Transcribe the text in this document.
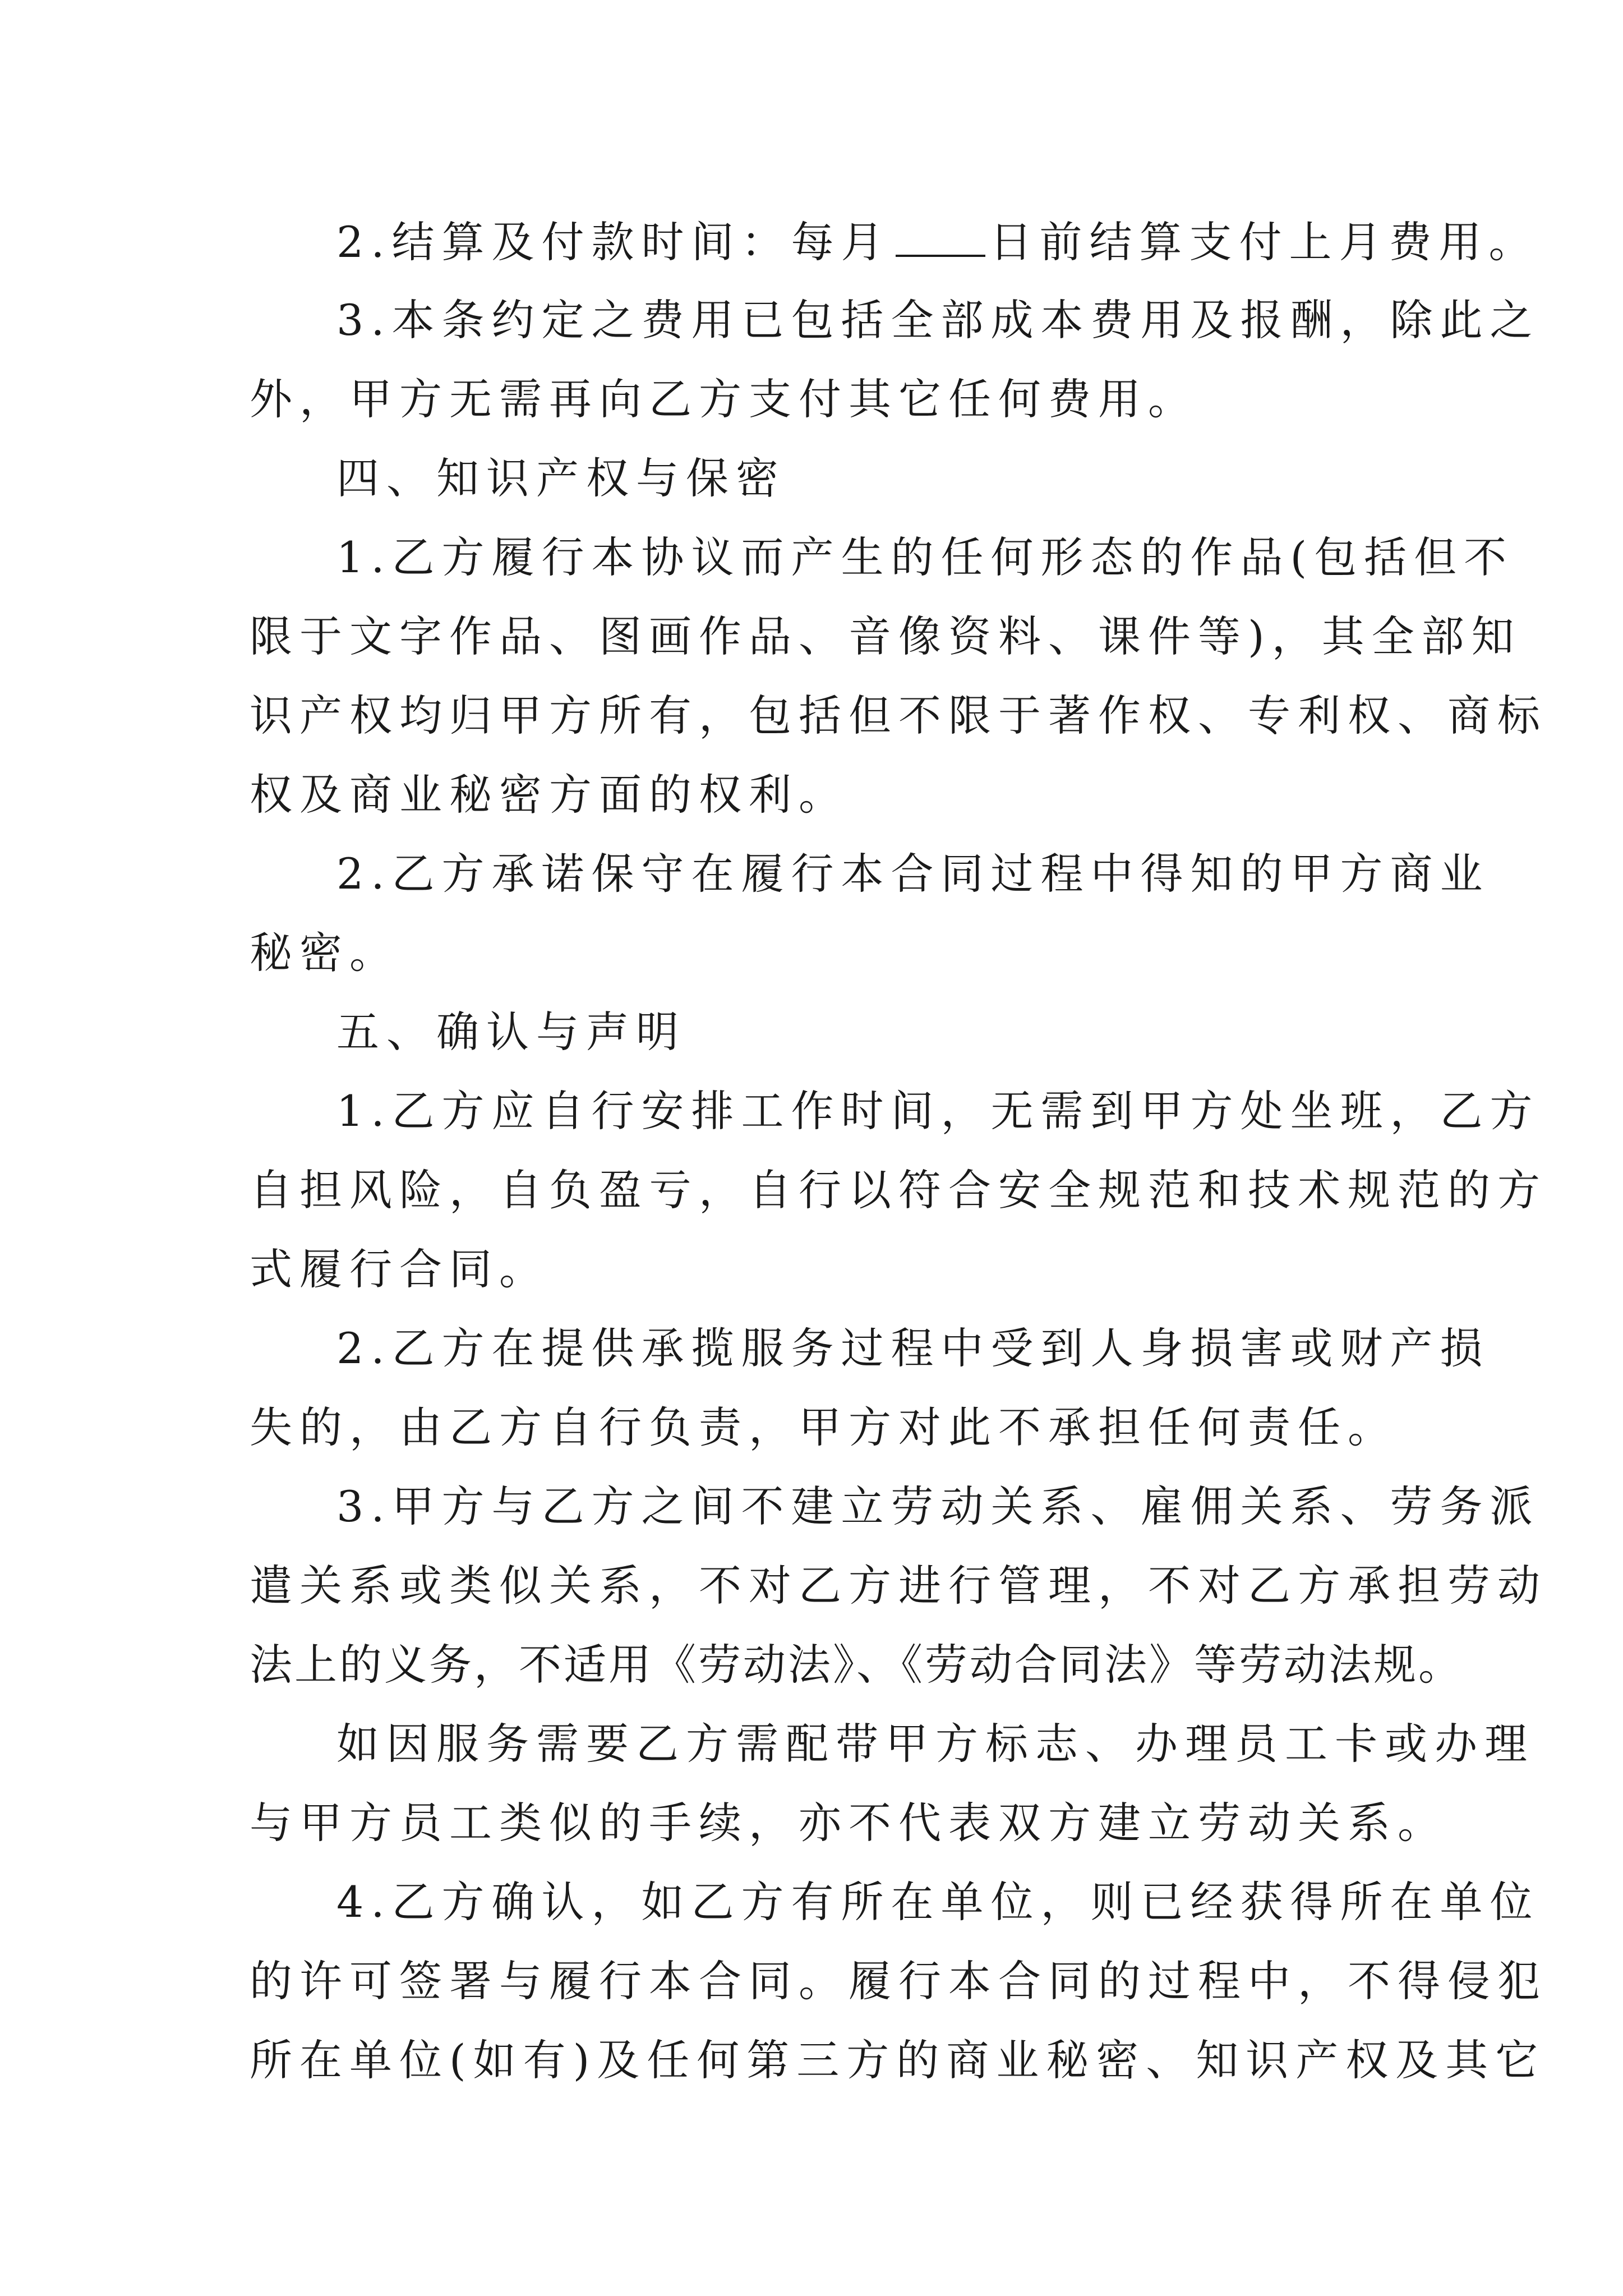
2.结算及付款时间：每月 日前结算支付上月费用。
3.本条约定之费用已包括全部成本费用及报酬，除此之
外，甲方无需再向乙方支付其它任何费用。
四、知识产权与保密
1.乙方履行本协议而产生的任何形态的作品(包括但不
限于文字作品、图画作品、音像资料、课件等)，其全部知
识产权均归甲方所有，包括但不限于著作权、专利权、商标
权及商业秘密方面的权利。
2.乙方承诺保守在履行本合同过程中得知的甲方商业
秘密。
五、确认与声明
1.乙方应自行安排工作时间，无需到甲方处坐班，乙方
自担风险，自负盈亏，自行以符合安全规范和技术规范的方
式履行合同。
2.乙方在提供承揽服务过程中受到人身损害或财产损
失的，由乙方自行负责，甲方对此不承担任何责任。
3.甲方与乙方之间不建立劳动关系、雇佣关系、劳务派
遣关系或类似关系，不对乙方进行管理，不对乙方承担劳动
法上的义务，不适用《劳动法》、《劳动合同法》等劳动法规。
如因服务需要乙方需配带甲方标志、办理员工卡或办理
与甲方员工类似的手续，亦不代表双方建立劳动关系。
4.乙方确认，如乙方有所在单位，则已经获得所在单位
的许可签署与履行本合同。履行本合同的过程中，不得侵犯
所在单位(如有)及任何第三方的商业秘密、知识产权及其它
